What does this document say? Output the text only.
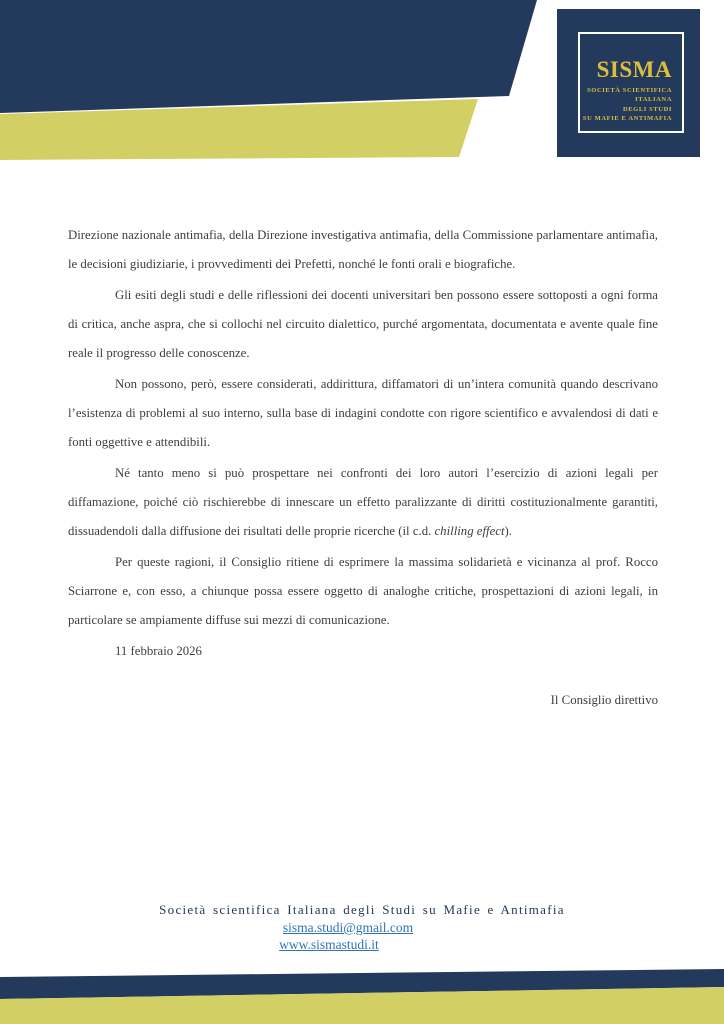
SISMA
SOCIETÀ SCIENTIFICA
ITALIANA
DEGLI STUDI
SU MAFIE E ANTIMAFIA

Direzione nazionale antimafia, della Direzione investigativa antimafia, della Commissione parlamentare antimafia, le decisioni giudiziarie, i provvedimenti dei Prefetti, nonché le fonti orali e biografiche.

Gli esiti degli studi e delle riflessioni dei docenti universitari ben possono essere sottoposti a ogni forma di critica, anche aspra, che si collochi nel circuito dialettico, purché argomentata, documentata e avente quale fine reale il progresso delle conoscenze.

Non possono, però, essere considerati, addirittura, diffamatori di un’intera comunità quando descrivano l’esistenza di problemi al suo interno, sulla base di indagini condotte con rigore scientifico e avvalendosi di dati e fonti oggettive e attendibili.

Né tanto meno si può prospettare nei confronti dei loro autori l’esercizio di azioni legali per diffamazione, poiché ciò rischierebbe di innescare un effetto paralizzante di diritti costituzionalmente garantiti, dissuadendoli dalla diffusione dei risultati delle proprie ricerche (il c.d. chilling effect).

Per queste ragioni, il Consiglio ritiene di esprimere la massima solidarietà e vicinanza al prof. Rocco Sciarrone e, con esso, a chiunque possa essere oggetto di analoghe critiche, prospettazioni di azioni legali, in particolare se ampiamente diffuse sui mezzi di comunicazione.

11 febbraio 2026

Il Consiglio direttivo

Società scientifica Italiana degli Studi su Mafie e Antimafia
sisma.studi@gmail.com
www.sismastudi.it
